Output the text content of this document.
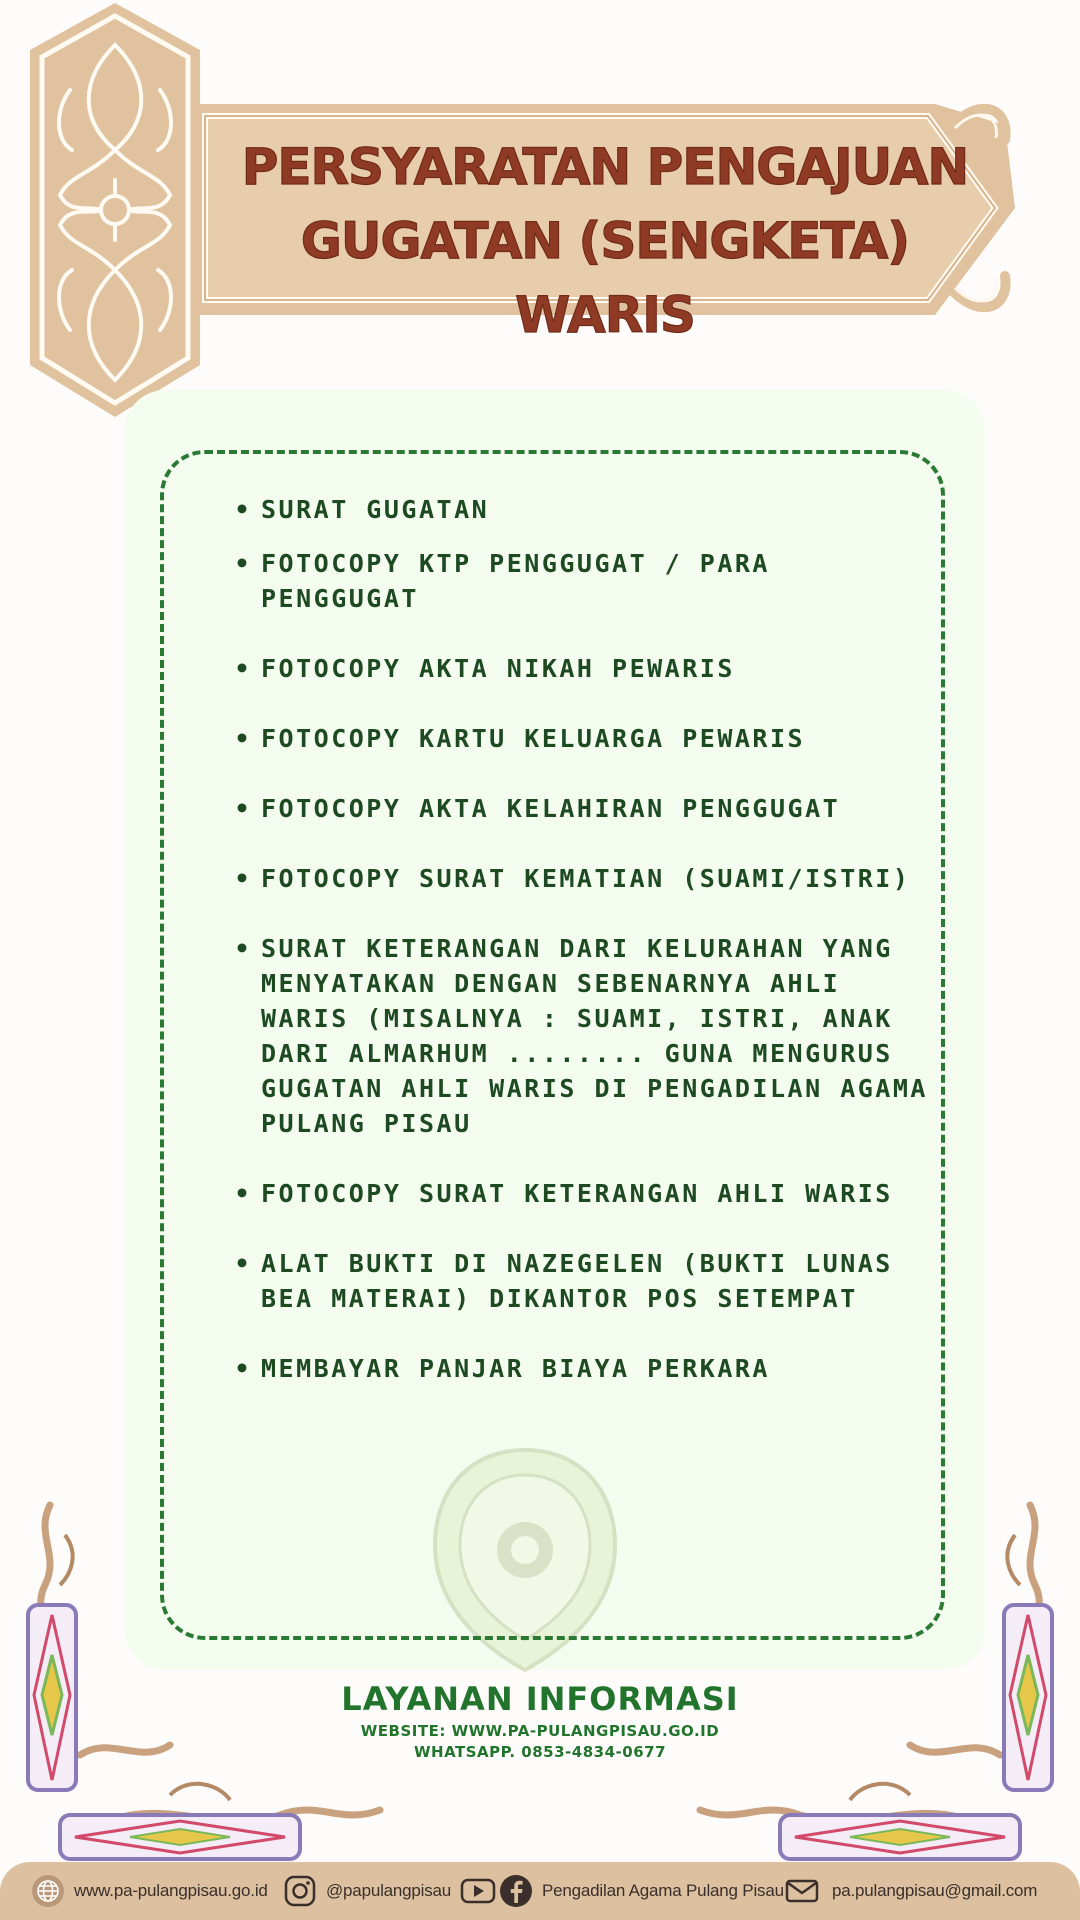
PERSYARATAN PENGAJUAN
GUGATAN (SENGKETA) WARIS
• SURAT GUGATAN
• FOTOCOPY KTP PENGGUGAT / PARA PENGGUGAT
• FOTOCOPY AKTA NIKAH PEWARIS
• FOTOCOPY KARTU KELUARGA PEWARIS
• FOTOCOPY AKTA KELAHIRAN PENGGUGAT
• FOTOCOPY SURAT KEMATIAN (SUAMI/ISTRI)
• SURAT KETERANGAN DARI KELURAHAN YANG MENYATAKAN DENGAN SEBENARNYA AHLI WARIS (MISALNYA : SUAMI, ISTRI, ANAK DARI ALMARHUM ........ GUNA MENGURUS GUGATAN AHLI WARIS DI PENGADILAN AGAMA PULANG PISAU
• FOTOCOPY SURAT KETERANGAN AHLI WARIS
• ALAT BUKTI DI NAZEGELEN (BUKTI LUNAS BEA MATERAI) DIKANTOR POS SETEMPAT
• MEMBAYAR PANJAR BIAYA PERKARA
LAYANAN INFORMASI
WEBSITE: WWW.PA-PULANGPISAU.GO.ID
WHATSAPP. 0853-4834-0677
www.pa-pulangpisau.go.id	@papulangpisau	Pengadilan Agama Pulang Pisau	pa.pulangpisau@gmail.com
